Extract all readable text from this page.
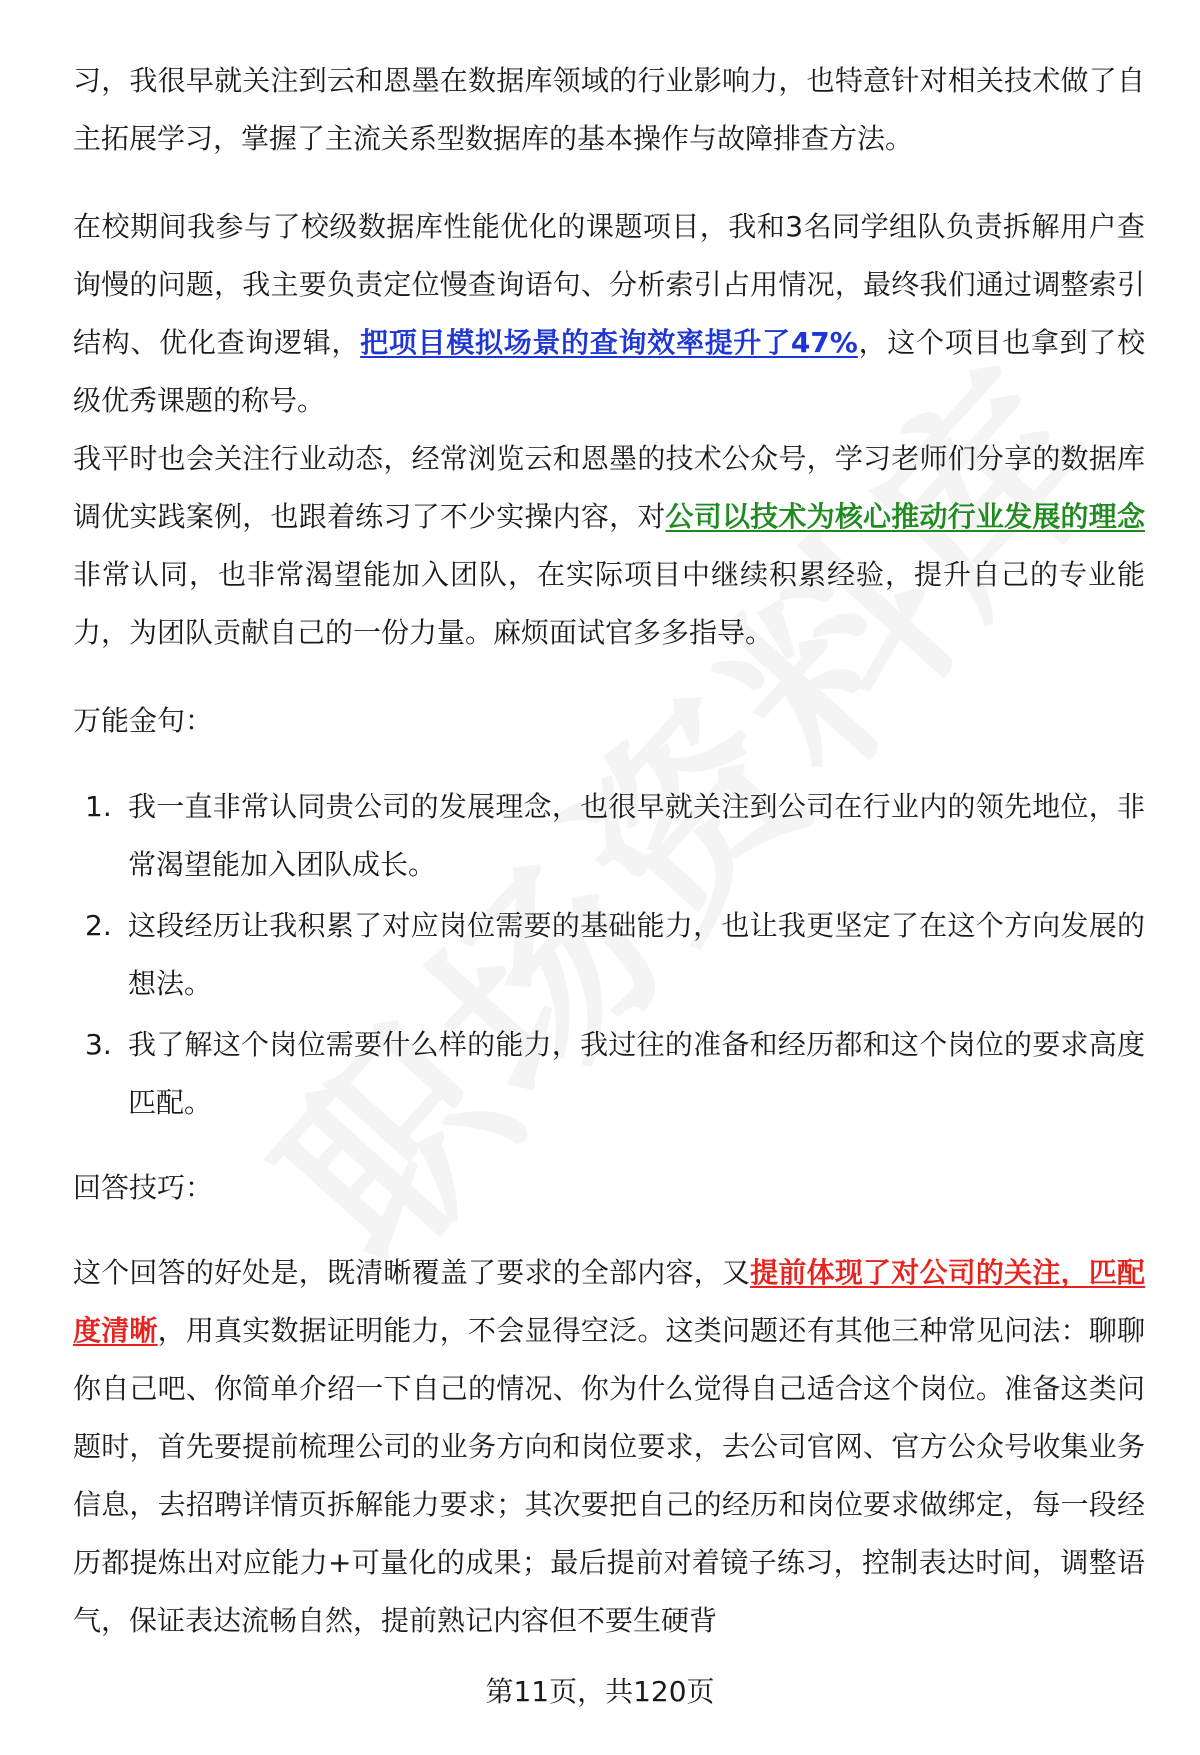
习，我很早就关注到云和恩墨在数据库领域的行业影响力，也特意针对相关技术做了自主拓展学习，掌握了主流关系型数据库的基本操作与故障排查方法。

在校期间我参与了校级数据库性能优化的课题项目，我和3名同学组队负责拆解用户查询慢的问题，我主要负责定位慢查询语句、分析索引占用情况，最终我们通过调整索引结构、优化查询逻辑，把项目模拟场景的查询效率提升了47%，这个项目也拿到了校级优秀课题的称号。

我平时也会关注行业动态，经常浏览云和恩墨的技术公众号，学习老师们分享的数据库调优实践案例，也跟着练习了不少实操内容，对公司以技术为核心推动行业发展的理念非常认同，也非常渴望能加入团队，在实际项目中继续积累经验，提升自己的专业能力，为团队贡献自己的一份力量。麻烦面试官多多指导。

万能金句：

1. 我一直非常认同贵公司的发展理念，也很早就关注到公司在行业内的领先地位，非常渴望能加入团队成长。
2. 这段经历让我积累了对应岗位需要的基础能力，也让我更坚定了在这个方向发展的想法。
3. 我了解这个岗位需要什么样的能力，我过往的准备和经历都和这个岗位的要求高度匹配。

回答技巧：

这个回答的好处是，既清晰覆盖了要求的全部内容，又提前体现了对公司的关注，匹配度清晰，用真实数据证明能力，不会显得空泛。这类问题还有其他三种常见问法：聊聊你自己吧、你简单介绍一下自己的情况、你为什么觉得自己适合这个岗位。准备这类问题时，首先要提前梳理公司的业务方向和岗位要求，去公司官网、官方公众号收集业务信息，去招聘详情页拆解能力要求；其次要把自己的经历和岗位要求做绑定，每一段经历都提炼出对应能力+可量化的成果；最后提前对着镜子练习，控制表达时间，调整语气，保证表达流畅自然，提前熟记内容但不要生硬背

第11页，共120页
